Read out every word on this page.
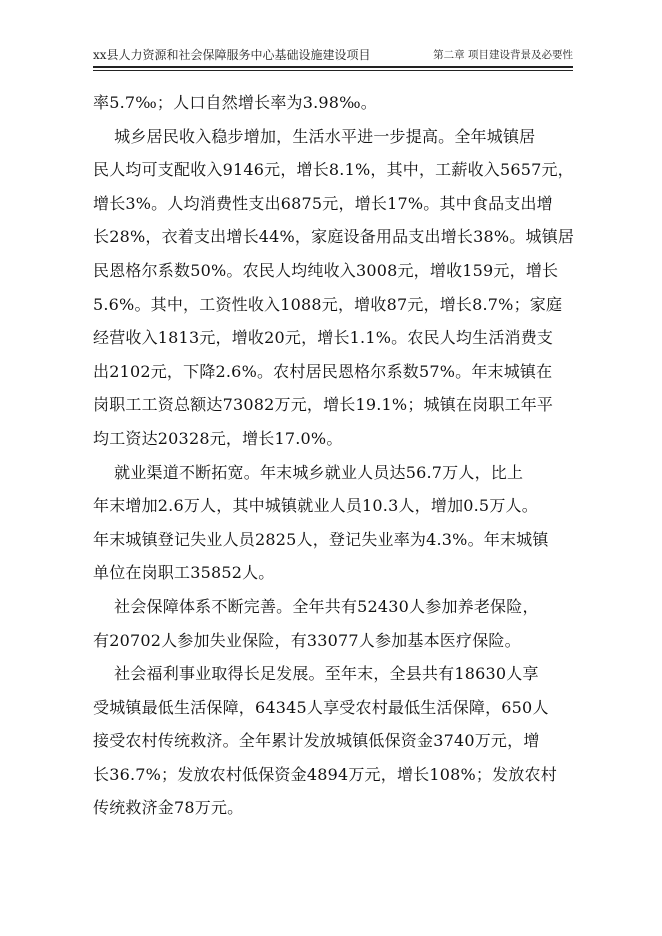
xx县人力资源和社会保障服务中心基础设施建设项目	第二章 项目建设背景及必要性
率5.7‰；人口自然增长率为3.98‰。
城乡居民收入稳步增加，生活水平进一步提高。全年城镇居
民人均可支配收入9146元，增长8.1%，其中，工薪收入5657元，
增长3%。人均消费性支出6875元，增长17%。其中食品支出增
长28%，衣着支出增长44%，家庭设备用品支出增长38%。城镇居
民恩格尔系数50%。农民人均纯收入3008元，增收159元，增长
5.6%。其中，工资性收入1088元，增收87元，增长8.7%；家庭
经营收入1813元，增收20元，增长1.1%。农民人均生活消费支
出2102元，下降2.6%。农村居民恩格尔系数57%。年末城镇在
岗职工工资总额达73082万元，增长19.1%；城镇在岗职工年平
均工资达20328元，增长17.0%。
就业渠道不断拓宽。年末城乡就业人员达56.7万人，比上
年末增加2.6万人，其中城镇就业人员10.3人，增加0.5万人。
年末城镇登记失业人员2825人，登记失业率为4.3%。年末城镇
单位在岗职工35852人。
社会保障体系不断完善。全年共有52430人参加养老保险，
有20702人参加失业保险，有33077人参加基本医疗保险。
社会福利事业取得长足发展。至年末，全县共有18630人享
受城镇最低生活保障，64345人享受农村最低生活保障，650人
接受农村传统救济。全年累计发放城镇低保资金3740万元，增
长36.7%；发放农村低保资金4894万元，增长108%；发放农村
传统救济金78万元。
